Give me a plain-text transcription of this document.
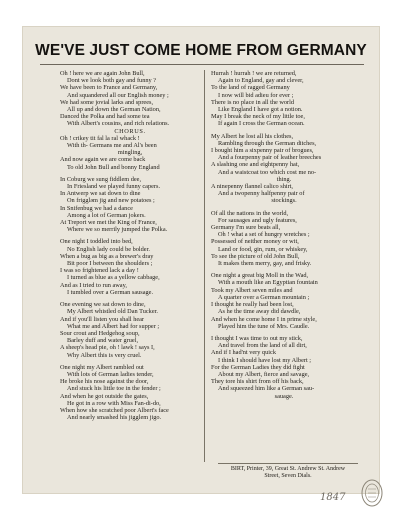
WE'VE JUST COME HOME FROM GERMANY
Oh ! here we are again John Bull,
Dont we look both gay and funny ?
We have been to France and Germany,
And squandered all our English money ;
We had some jovial larks and sprees,
All up and down the German Nation,
Danced the Polka and had some tea
With Albert's cousins, and rich relations.
CHORUS.
Oh ! crikey tit fal la ral whack !
With th- Germans me and Al's been
mingling,
And now again we are come back
To old John Bull and bonny England
In Coburg we sung fiddlem dee,
In Friesland we played funny capers.
In Antwerp we sat down to dine
On friggləm jig and new potatoes ;
In Snifenbug we had a dance
Among a lot of German jokers.
At Treport we met the King of France,
Where we so merrily jumped the Polka.
One night I toddled into bed,
No English lady could be bolder.
When a bug as big as a brewer's dray
Bit poor I between the shoulders ;
I was so frightened lack a day !
I turned as blue as a yellow cabbage,
And as I tried to run away,
I tumbled over a German sausage.
One evening we sat down to dine,
My Albert whistled old Dan Tucker.
And if you'll listen you shall hear
What me and Albert had for supper ;
Sour crout and Hedgehog soup,
Barley duff and water gruel,
A sheep's head pie, oh ! lawk ! says I,
Why Albert this is very cruel.
One night my Albert rambled out
With lots of German ladies tender,
He broke his nose against the door,
And stuck his little toe in the fender ;
And when he got outside the gates,
He got in a row with Miss Fan-di-do,
When how she scratched poor Albert's face
And nearly smashed his jigglem jigo.
Hurrah ! hurrah ! we are returned,
Again to England, gay and clever,
To the land of ragged Germany
I now will bid adieu for ever ;
There is no place in all the world
Like England I have got a notion.
May I break the neck of my little toe,
If again I cross the German ocean.
My Albert he lost all his clothes,
Rambling through the German ditches,
I bought him a sixpenny pair of brogues,
And a fourpenny pair of leather breeches
A slashing one and eightpenny hat,
And a waistcoat too which cost me no-
thing.
A ninepenny flannel calico shirt,
And a twopenny halfpenny pair of
stockings.
Of all the nations in the world,
For sausages and ugly features,
Germany I'm sure beats all,
Oh ! what a set of hungry wretches ;
Possessed of neither money or wit,
Land or food, gin, rum, or whiskey,
To see the picture of old John Bull,
It makes them merry, gay, and frisky.
One night a great big Moll in the Wad,
With a mouth like an Egyptian fountain
Took my Albert seven miles and
A quarter over a German mountain ;
I thought he really had been lost,
As he the time away did dawdle,
And when he come home I in prime style,
Played him the tune of Mrs. Caudle.
I thought I was time to out my stick,
And travel from the land of all dirt,
And if I had'nt very quick
I think I should have lost my Albert ;
For the German Ladies they did fight
About my Albert, fierce and savage,
They tore his shirt from off his back,
And squeezed him like a German sau-
sauage.
BIRT, Printer, 39, Great St. Andrew St. Andrew
Street, Seven Dials.
1847
